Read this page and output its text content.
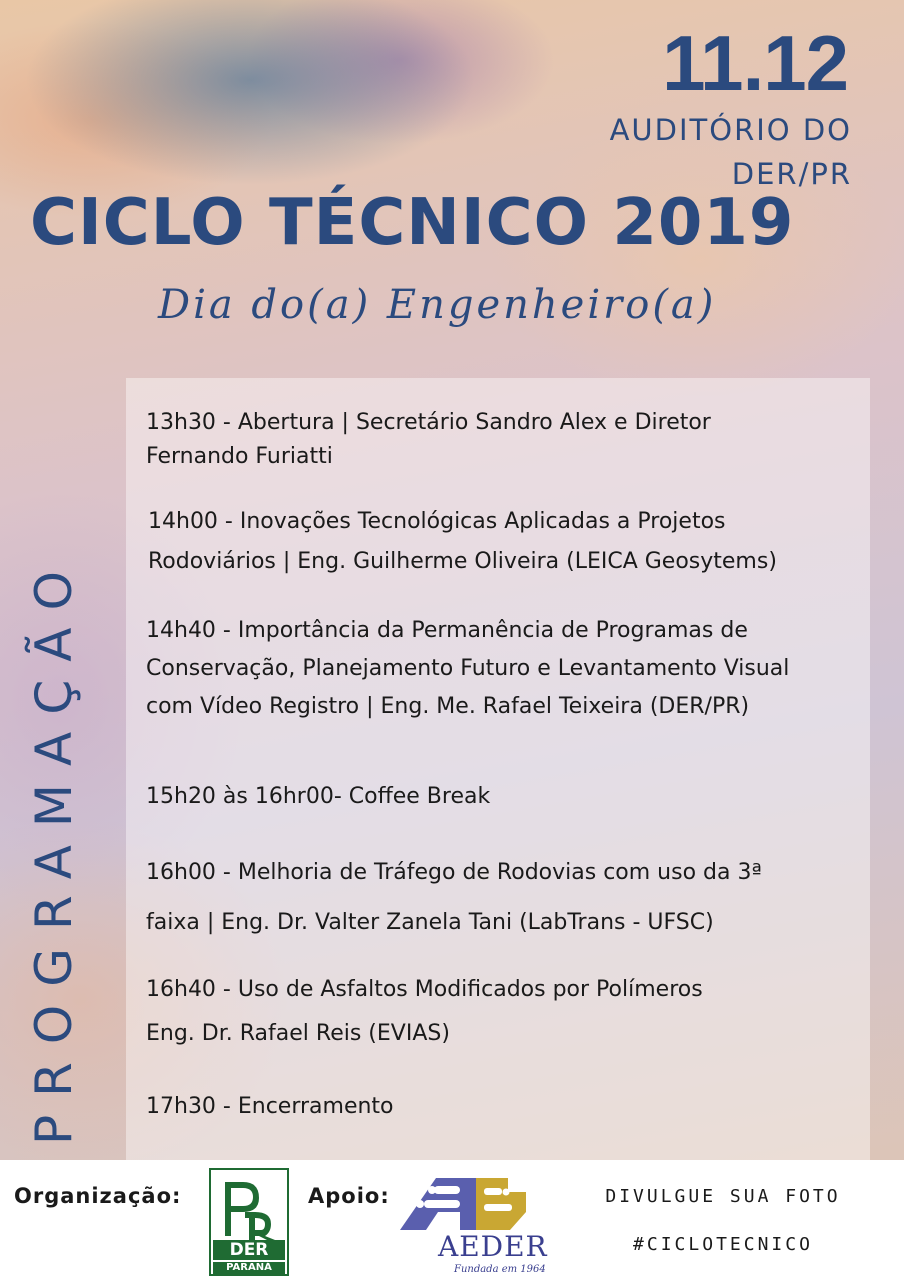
11.12
AUDITÓRIO DO
DER/PR
CICLO TÉCNICO 2019
Dia do(a) Engenheiro(a)
PROGRAMAÇÃO
13h30 - Abertura | Secretário Sandro Alex e Diretor
Fernando Furiatti
14h00 - Inovações Tecnológicas Aplicadas a Projetos
Rodoviários | Eng. Guilherme Oliveira (LEICA Geosytems)
14h40 - Importância da Permanência de Programas de
Conservação, Planejamento Futuro e Levantamento Visual
com Vídeo Registro | Eng. Me. Rafael Teixeira (DER/PR)
15h20 às 16hr00- Coffee Break
16h00 - Melhoria de Tráfego de Rodovias com uso da 3ª
faixa | Eng. Dr. Valter Zanela Tani (LabTrans - UFSC)
16h40 - Uso de Asfaltos Modificados por Polímeros
Eng. Dr. Rafael Reis (EVIAS)
17h30 - Encerramento
Organização:
DER
PARANÁ
Apoio:
AEDER
Fundada em 1964
DIVULGUE SUA FOTO
#CICLOTECNICO
